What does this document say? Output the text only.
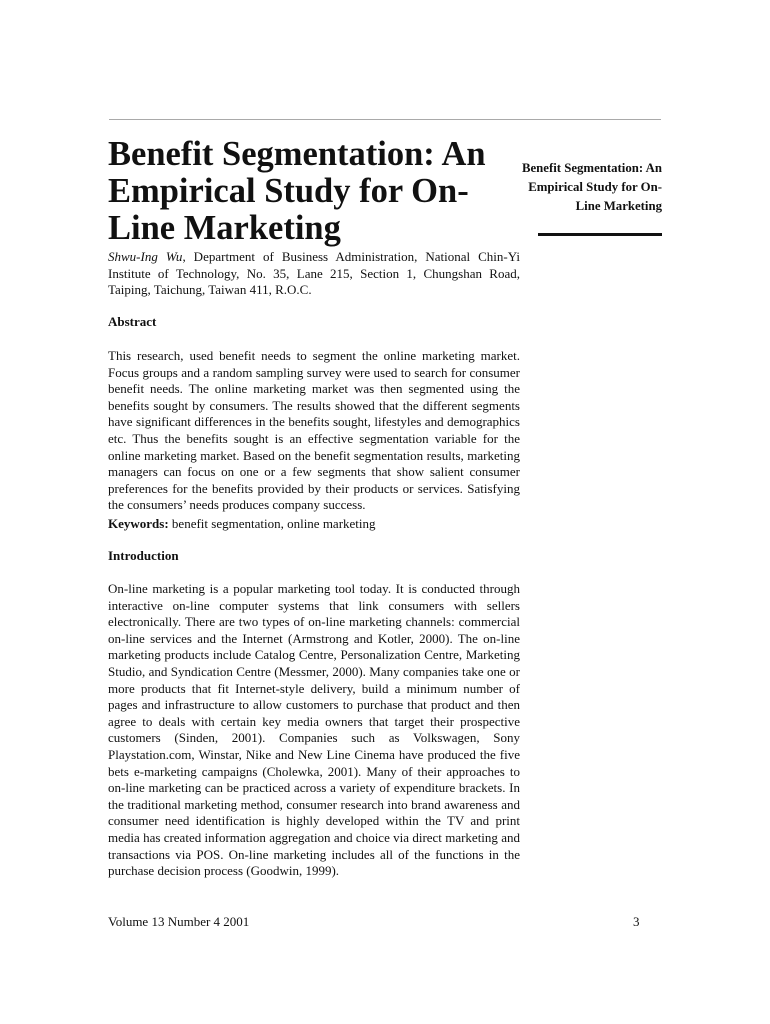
Benefit Segmentation: An Empirical Study for On-Line Marketing

Benefit Segmentation: An Empirical Study for On-Line Marketing

Shwu-Ing Wu, Department of Business Administration, National Chin-Yi Institute of Technology, No. 35, Lane 215, Section 1, Chungshan Road, Taiping, Taichung, Taiwan 411, R.O.C.
Abstract
This research, used benefit needs to segment the online marketing market. Focus groups and a random sampling survey were used to search for consumer benefit needs. The online marketing market was then segmented using the benefits sought by consumers. The results showed that the different segments have significant differences in the benefits sought, lifestyles and demographics etc. Thus the benefits sought is an effective segmentation variable for the online marketing market. Based on the benefit segmentation results, marketing managers can focus on one or a few segments that show salient consumer preferences for the benefits provided by their products or services. Satisfying the consumers’ needs produces company success.
Keywords: benefit segmentation, online marketing
Introduction
On-line marketing is a popular marketing tool today. It is conducted through interactive on-line computer systems that link consumers with sellers electronically. There are two types of on-line marketing channels: commercial on-line services and the Internet (Armstrong and Kotler, 2000). The on-line marketing products include Catalog Centre, Personalization Centre, Marketing Studio, and Syndication Centre (Messmer, 2000). Many companies take one or more products that fit Internet-style delivery, build a minimum number of pages and infrastructure to allow customers to purchase that product and then agree to deals with certain key media owners that target their prospective customers (Sinden, 2001). Companies such as Volkswagen, Sony Playstation.com, Winstar, Nike and New Line Cinema have produced the five bets e-marketing campaigns (Cholewka, 2001). Many of their approaches to on-line marketing can be practiced across a variety of expenditure brackets. In the traditional marketing method, consumer research into brand awareness and consumer need identification is highly developed within the TV and print media has created information aggregation and choice via direct marketing and transactions via POS. On-line marketing includes all of the functions in the purchase decision process (Goodwin, 1999).
Volume 13 Number 4 2001	3
